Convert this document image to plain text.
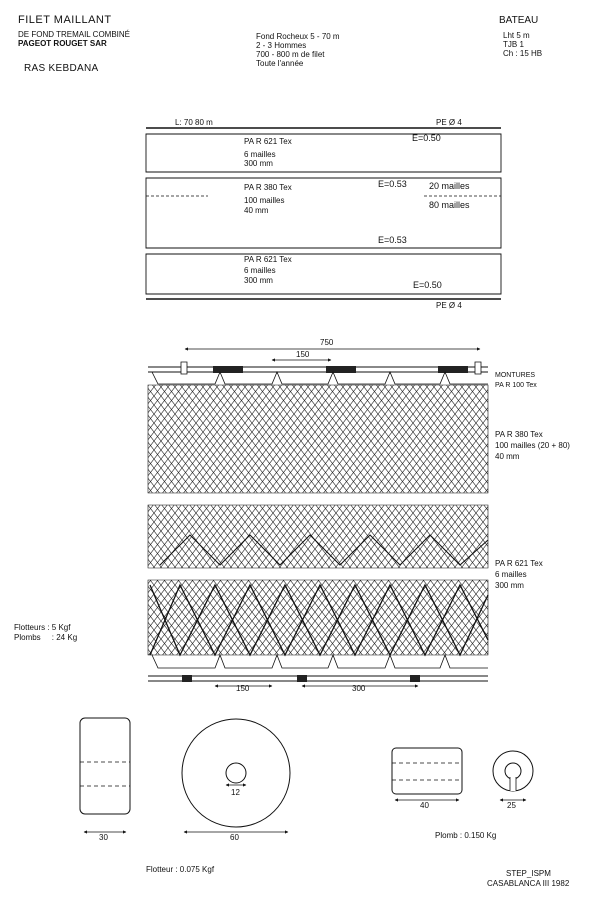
FILET MAILLANT
DE FOND TREMAIL COMBINÉ
PAGEOT ROUGET SAR
RAS KEBDANA
Fond Rocheux 5 - 70 m
2 - 3 Hommes
700 - 800 m de filet
Toute l'année
BATEAU
Lht 5 m
TJB 1
Ch : 15 HB
L: 70 80 m	PE Ø 4
PA R 621 Tex
6 mailles
300 mm
E=0.50
PA R 380 Tex
100 mailles
40 mm
E=0.53 20 mailles
80 mailles
E=0.53
PA R 621 Tex
6 mailles
300 mm	E=0.50
PE Ø 4
750
150
MONTURES
PA R 100 Tex
PA R 380 Tex
100 mailles (20 + 80)
40 mm
PA R 621 Tex
6 mailles
300 mm
Flotteurs : 5 Kgf
Plombs     : 24 Kg
150	300
30
12
60
40	25
Plomb : 0.150 Kg
Flotteur : 0.075 Kgf	STEP_ISPM
CASABLANCA III 1982
